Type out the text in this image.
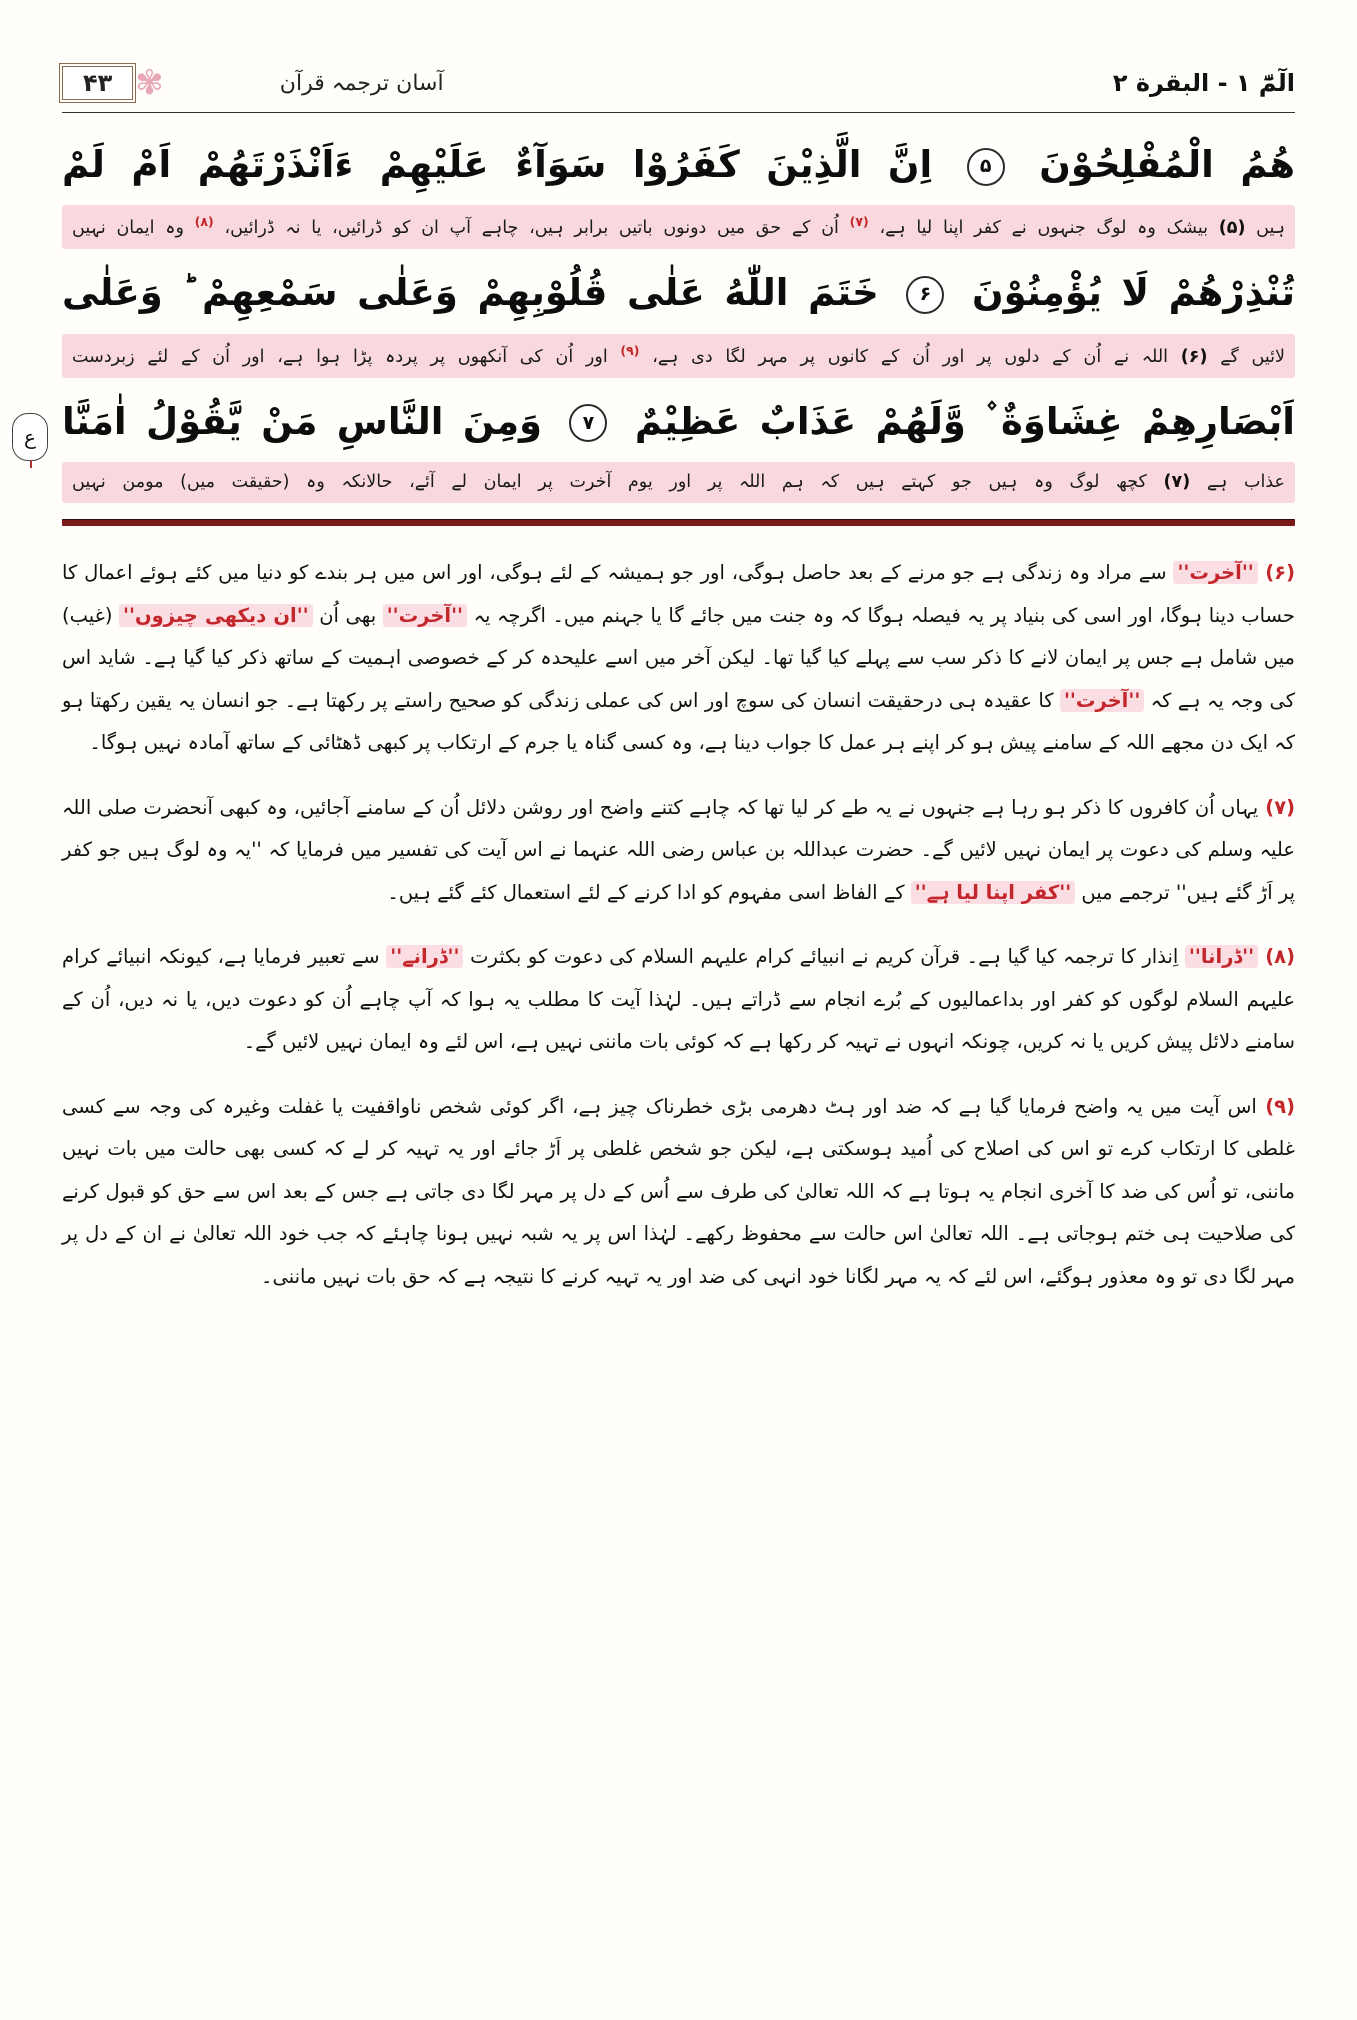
۴۳ ✾	آسان ترجمہ قرآن	الٓمّٓ ١ - البقرة ٢
ع
هُمُ الْمُفْلِحُوْنَ ۵ اِنَّ الَّذِيْنَ كَفَرُوْا سَوَآءٌ عَلَيْهِمْ ءَاَنْذَرْتَهُمْ اَمْ لَمْ
ہیں (۵) بیشک وہ لوگ جنہوں نے کفر اپنا لیا ہے، $^{(۷)}$ اُن کے حق میں دونوں باتیں برابر ہیں، چاہے آپ ان کو ڈرائیں، یا نہ ڈرائیں، $^{(۸)}$ وہ ایمان نہیں
تُنْذِرْهُمْ لَا يُؤْمِنُوْنَ ۶ خَتَمَ اللّٰهُ عَلٰى قُلُوْبِهِمْ وَعَلٰى سَمْعِهِمْ ؕ وَعَلٰى
لائیں گے (۶) اللہ نے اُن کے دلوں پر اور اُن کے کانوں پر مہر لگا دی ہے، $^{(۹)}$ اور اُن کی آنکھوں پر پردہ پڑا ہوا ہے، اور اُن کے لئے زبردست
اَبْصَارِهِمْ غِشَاوَةٌ ۫ وَّلَهُمْ عَذَابٌ عَظِيْمٌ ۷ وَمِنَ النَّاسِ مَنْ يَّقُوْلُ اٰمَنَّا
عذاب ہے (۷) کچھ لوگ وہ ہیں جو کہتے ہیں کہ ہم اللہ پر اور یوم آخرت پر ایمان لے آئے، حالانکہ وہ (حقیقت میں) مومن نہیں

(۶) ''آخرت'' سے مراد وہ زندگی ہے جو مرنے کے بعد حاصل ہوگی، اور جو ہمیشہ کے لئے ہوگی، اور اس میں ہر بندے کو دنیا میں کئے ہوئے اعمال کا حساب دینا ہوگا، اور اسی کی بنیاد پر یہ فیصلہ ہوگا کہ وہ جنت میں جائے گا یا جہنم میں۔ اگرچہ یہ ''آخرت'' بھی اُن ''ان دیکھی چیزوں'' (غیب) میں شامل ہے جس پر ایمان لانے کا ذکر سب سے پہلے کیا گیا تھا۔ لیکن آخر میں اسے علیحدہ کر کے خصوصی اہمیت کے ساتھ ذکر کیا گیا ہے۔ شاید اس کی وجہ یہ ہے کہ ''آخرت'' کا عقیدہ ہی درحقیقت انسان کی سوچ اور اس کی عملی زندگی کو صحیح راستے پر رکھتا ہے۔ جو انسان یہ یقین رکھتا ہو کہ ایک دن مجھے اللہ کے سامنے پیش ہو کر اپنے ہر عمل کا جواب دینا ہے، وہ کسی گناہ یا جرم کے ارتکاب پر کبھی ڈھٹائی کے ساتھ آمادہ نہیں ہوگا۔

(۷) یہاں اُن کافروں کا ذکر ہو رہا ہے جنہوں نے یہ طے کر لیا تھا کہ چاہے کتنے واضح اور روشن دلائل اُن کے سامنے آجائیں، وہ کبھی آنحضرت صلی اللہ علیہ وسلم کی دعوت پر ایمان نہیں لائیں گے۔ حضرت عبداللہ بن عباس رضی اللہ عنہما نے اس آیت کی تفسیر میں فرمایا کہ ''یہ وہ لوگ ہیں جو کفر پر اَڑ گئے ہیں'' ترجمے میں ''کفر اپنا لیا ہے'' کے الفاظ اسی مفہوم کو ادا کرنے کے لئے استعمال کئے گئے ہیں۔

(۸) ''ڈرانا'' اِنذار کا ترجمہ کیا گیا ہے۔ قرآن کریم نے انبیائے کرام علیہم السلام کی دعوت کو بکثرت ''ڈرانے'' سے تعبیر فرمایا ہے، کیونکہ انبیائے کرام علیہم السلام لوگوں کو کفر اور بداعمالیوں کے بُرے انجام سے ڈراتے ہیں۔ لہٰذا آیت کا مطلب یہ ہوا کہ آپ چاہے اُن کو دعوت دیں، یا نہ دیں، اُن کے سامنے دلائل پیش کریں یا نہ کریں، چونکہ انہوں نے تہیہ کر رکھا ہے کہ کوئی بات ماننی نہیں ہے، اس لئے وہ ایمان نہیں لائیں گے۔

(۹) اس آیت میں یہ واضح فرمایا گیا ہے کہ ضد اور ہٹ دھرمی بڑی خطرناک چیز ہے، اگر کوئی شخص ناواقفیت یا غفلت وغیرہ کی وجہ سے کسی غلطی کا ارتکاب کرے تو اس کی اصلاح کی اُمید ہوسکتی ہے، لیکن جو شخص غلطی پر اَڑ جائے اور یہ تہیہ کر لے کہ کسی بھی حالت میں بات نہیں ماننی، تو اُس کی ضد کا آخری انجام یہ ہوتا ہے کہ اللہ تعالیٰ کی طرف سے اُس کے دل پر مہر لگا دی جاتی ہے جس کے بعد اس سے حق کو قبول کرنے کی صلاحیت ہی ختم ہوجاتی ہے۔ اللہ تعالیٰ اس حالت سے محفوظ رکھے۔ لہٰذا اس پر یہ شبہ نہیں ہونا چاہئے کہ جب خود اللہ تعالیٰ نے ان کے دل پر مہر لگا دی تو وہ معذور ہوگئے، اس لئے کہ یہ مہر لگانا خود انہی کی ضد اور یہ تہیہ کرنے کا نتیجہ ہے کہ حق بات نہیں ماننی۔
